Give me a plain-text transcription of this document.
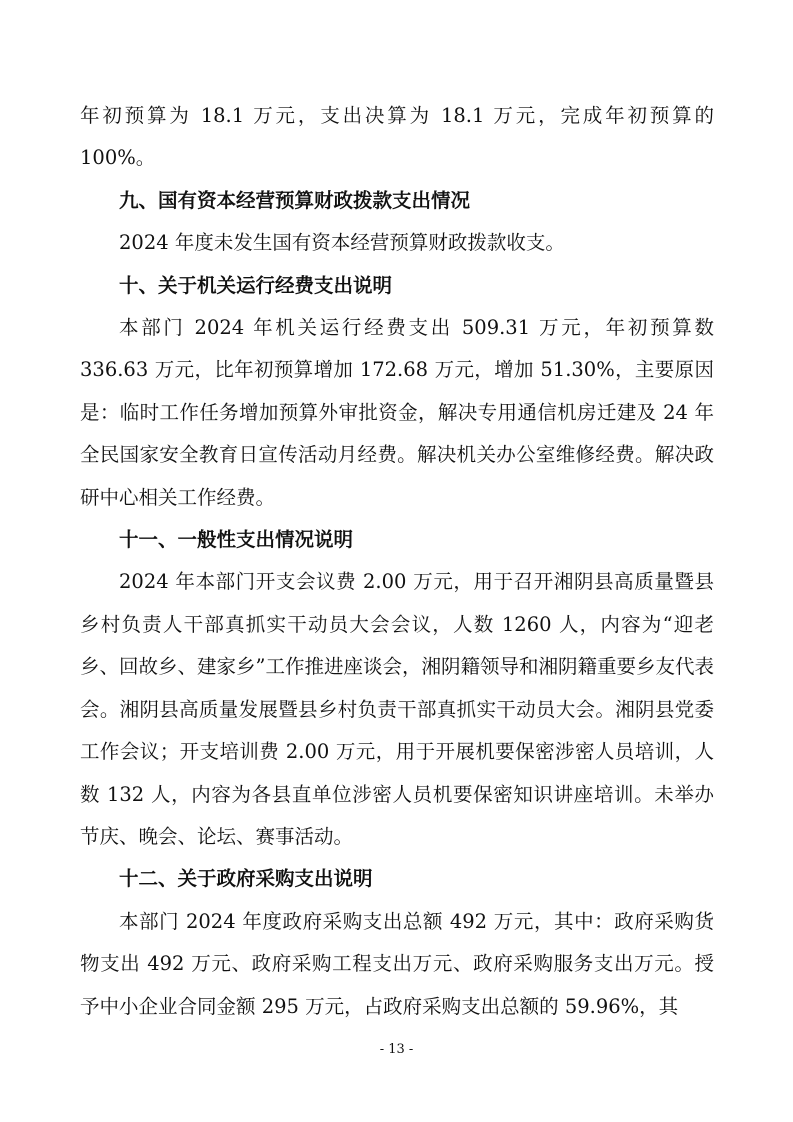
年初预算为 18.1 万元，支出决算为 18.1 万元，完成年初预算的100%。

九、国有资本经营预算财政拨款支出情况

2024 年度未发生国有资本经营预算财政拨款收支。

十、关于机关运行经费支出说明

本部门 2024 年机关运行经费支出 509.31 万元，年初预算数 336.63 万元，比年初预算增加 172.68 万元，增加 51.30%，主要原因是：临时工作任务增加预算外审批资金，解决专用通信机房迁建及 24 年全民国家安全教育日宣传活动月经费。解决机关办公室维修经费。解决政研中心相关工作经费。

十一、一般性支出情况说明

2024 年本部门开支会议费 2.00 万元，用于召开湘阴县高质量暨县乡村负责人干部真抓实干动员大会会议，人数 1260 人，内容为“迎老乡、回故乡、建家乡”工作推进座谈会，湘阴籍领导和湘阴籍重要乡友代表会。湘阴县高质量发展暨县乡村负责干部真抓实干动员大会。湘阴县党委工作会议；开支培训费 2.00 万元，用于开展机要保密涉密人员培训，人数 132 人，内容为各县直单位涉密人员机要保密知识讲座培训。未举办节庆、晚会、论坛、赛事活动。

十二、关于政府采购支出说明

本部门 2024 年度政府采购支出总额 492 万元，其中：政府采购货物支出 492 万元、政府采购工程支出万元、政府采购服务支出万元。授予中小企业合同金额 295 万元，占政府采购支出总额的 59.96%，其

- 13 -
